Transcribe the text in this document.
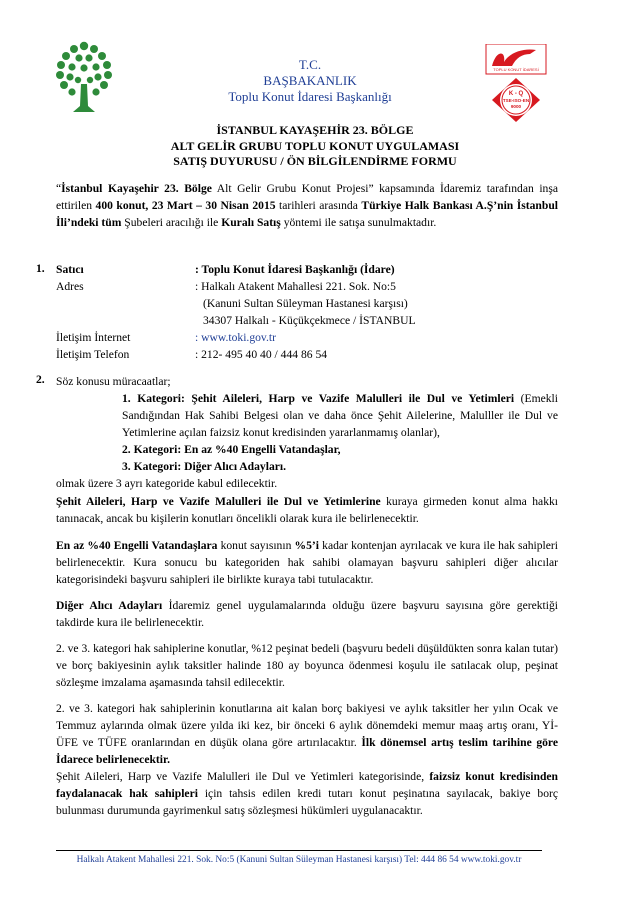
TOPLU KONUT İDARESİ
K - Q
TSE-ISO-EN
9000
T.C.
BAŞBAKANLIK
Toplu Konut İdaresi Başkanlığı
İSTANBUL KAYAŞEHİR 23. BÖLGE
ALT GELİR GRUBU TOPLU KONUT UYGULAMASI
SATIŞ DUYURUSU / ÖN BİLGİLENDİRME FORMU
“İstanbul Kayaşehir 23. Bölge Alt Gelir Grubu Konut Projesi” kapsamında İdaremiz tarafından inşa ettirilen 400 konut, 23 Mart – 30 Nisan 2015 tarihleri arasında Türkiye Halk Bankası A.Ş’nin İstanbul İli’ndeki tüm Şubeleri aracılığı ile Kuralı Satış yöntemi ile satışa sunulmaktadır.
1. Satıcı	: Toplu Konut İdaresi Başkanlığı (İdare)
Adres	: Halkalı Atakent Mahallesi 221. Sok. No:5
(Kanuni Sultan Süleyman Hastanesi karşısı)
34307 Halkalı - Küçükçekmece / İSTANBUL
İletişim İnternet	: www.toki.gov.tr
İletişim Telefon	: 212- 495 40 40 / 444 86 54
2. Söz konusu müracaatlar;
1. Kategori: Şehit Aileleri, Harp ve Vazife Malulleri ile Dul ve Yetimleri (Emekli Sandığından Hak Sahibi Belgesi olan ve daha önce Şehit Ailelerine, Malulller ile Dul ve Yetimlerine açılan faizsiz konut kredisinden yararlanmamış olanlar),
2. Kategori: En az %40 Engelli Vatandaşlar,
3. Kategori: Diğer Alıcı Adayları.
olmak üzere 3 ayrı kategoride kabul edilecektir.
Şehit Aileleri, Harp ve Vazife Malulleri ile Dul ve Yetimlerine kuraya girmeden konut alma hakkı tanınacak, ancak bu kişilerin konutları öncelikli olarak kura ile belirlenecektir.
En az %40 Engelli Vatandaşlara konut sayısının %5’i kadar kontenjan ayrılacak ve kura ile hak sahipleri belirlenecektir. Kura sonucu bu kategoriden hak sahibi olamayan başvuru sahipleri diğer alıcılar kategorisindeki başvuru sahipleri ile birlikte kuraya tabi tutulacaktır.
Diğer Alıcı Adayları İdaremiz genel uygulamalarında olduğu üzere başvuru sayısına göre gerektiği takdirde kura ile belirlenecektir.
2. ve 3. kategori hak sahiplerine konutlar, %12 peşinat bedeli (başvuru bedeli düşüldükten sonra kalan tutar) ve borç bakiyesinin aylık taksitler halinde 180 ay boyunca ödenmesi koşulu ile satılacak olup, peşinat sözleşme imzalama aşamasında tahsil edilecektir.
2. ve 3. kategori hak sahiplerinin konutlarına ait kalan borç bakiyesi ve aylık taksitler her yılın Ocak ve Temmuz aylarında olmak üzere yılda iki kez, bir önceki 6 aylık dönemdeki memur maaş artış oranı, Yİ-ÜFE ve TÜFE oranlarından en düşük olana göre artırılacaktır. İlk dönemsel artış teslim tarihine göre İdarece belirlenecektir.
Şehit Aileleri, Harp ve Vazife Malulleri ile Dul ve Yetimleri kategorisinde, faizsiz konut kredisinden faydalanacak hak sahipleri için tahsis edilen kredi tutarı konut peşinatına sayılacak, bakiye borç bulunması durumunda gayrimenkul satış sözleşmesi hükümleri uygulanacaktır.
Halkalı Atakent Mahallesi 221. Sok. No:5 (Kanuni Sultan Süleyman Hastanesi karşısı) Tel: 444 86 54 www.toki.gov.tr
